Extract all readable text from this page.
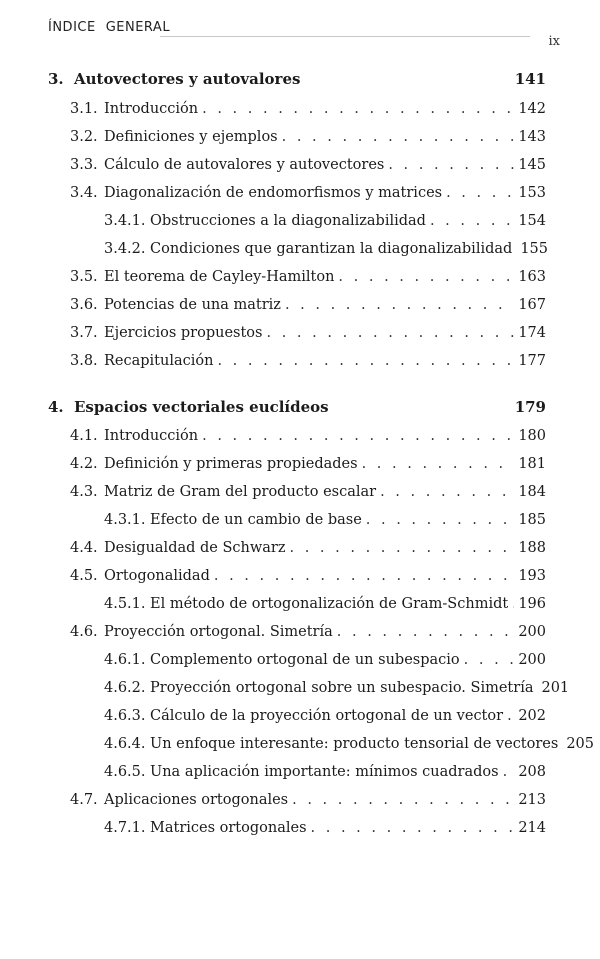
ÍNDICE GENERAL
ix
3. Autovectores y autovalores	141
3.1. Introducción . . .	142
3.2. Definiciones y ejemplos . . .	143
3.3. Cálculo de autovalores y autovectores . . .	145
3.4. Diagonalización de endomorfismos y matrices . . .	153
3.4.1. Obstrucciones a la diagonalizabilidad . . .	154
3.4.2. Condiciones que garantizan la diagonalizabilidad 155
3.5. El teorema de Cayley-Hamilton . . .	163
3.6. Potencias de una matriz . . .	167
3.7. Ejercicios propuestos . . .	174
3.8. Recapitulación . . .	177
4. Espacios vectoriales euclídeos	179
4.1. Introducción . . .	180
4.2. Definición y primeras propiedades . . .	181
4.3. Matriz de Gram del producto escalar . . .	184
4.3.1. Efecto de un cambio de base . . .	185
4.4. Desigualdad de Schwarz . . .	188
4.5. Ortogonalidad . . .	193
4.5.1. El método de ortogonalización de Gram-Schmidt . . . 196
4.6. Proyección ortogonal. Simetría . . .	200
4.6.1. Complemento ortogonal de un subespacio . . .	200
4.6.2. Proyección ortogonal sobre un subespacio. Simetría 201
4.6.3. Cálculo de la proyección ortogonal de un vector . . . 202
4.6.4. Un enfoque interesante: producto tensorial de vectores 205
4.6.5. Una aplicación importante: mínimos cuadrados . . . 208
4.7. Aplicaciones ortogonales . . .	213
4.7.1. Matrices ortogonales . . .	214
